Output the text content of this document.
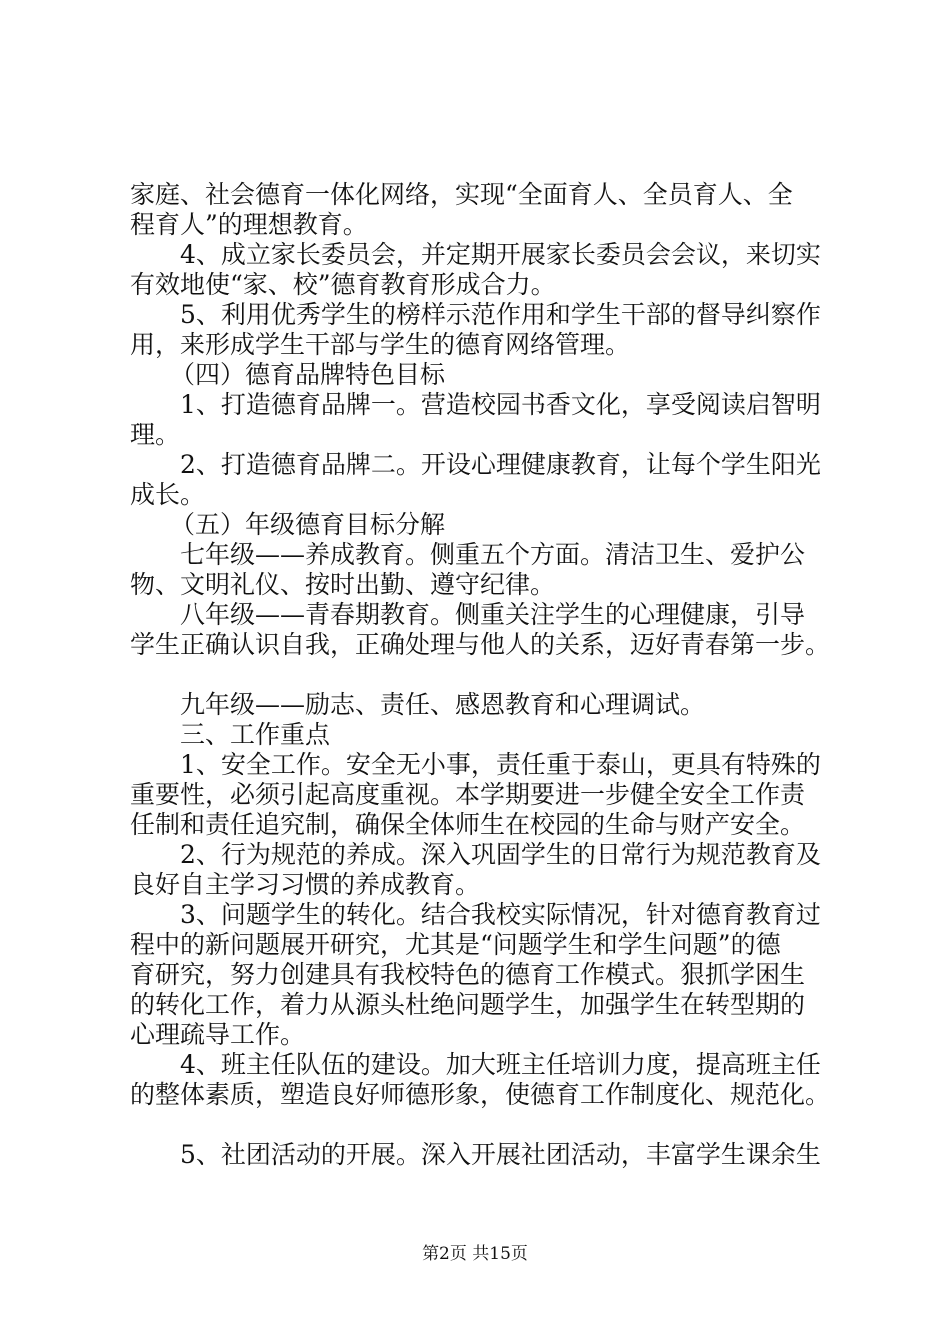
家庭、社会德育一体化网络，实现“全面育人、全员育人、全
程育人”的理想教育。
4、成立家长委员会，并定期开展家长委员会会议，来切实
有效地使“家、校”德育教育形成合力。
5、利用优秀学生的榜样示范作用和学生干部的督导纠察作
用，来形成学生干部与学生的德育网络管理。
（四）德育品牌特色目标
1、打造德育品牌一。营造校园书香文化，享受阅读启智明
理。
2、打造德育品牌二。开设心理健康教育，让每个学生阳光
成长。
（五）年级德育目标分解
七年级——养成教育。侧重五个方面。清洁卫生、爱护公
物、文明礼仪、按时出勤、遵守纪律。
八年级——青春期教育。侧重关注学生的心理健康，引导
学生正确认识自我，正确处理与他人的关系，迈好青春第一步。
九年级——励志、责任、感恩教育和心理调试。
三、工作重点
1、安全工作。安全无小事，责任重于泰山，更具有特殊的
重要性，必须引起高度重视。本学期要进一步健全安全工作责
任制和责任追究制，确保全体师生在校园的生命与财产安全。
2、行为规范的养成。深入巩固学生的日常行为规范教育及
良好自主学习习惯的养成教育。
3、问题学生的转化。结合我校实际情况，针对德育教育过
程中的新问题展开研究，尤其是“问题学生和学生问题”的德
育研究，努力创建具有我校特色的德育工作模式。狠抓学困生
的转化工作，着力从源头杜绝问题学生，加强学生在转型期的
心理疏导工作。
4、班主任队伍的建设。加大班主任培训力度，提高班主任
的整体素质，塑造良好师德形象，使德育工作制度化、规范化。
5、社团活动的开展。深入开展社团活动，丰富学生课余生
第2页 共15页
